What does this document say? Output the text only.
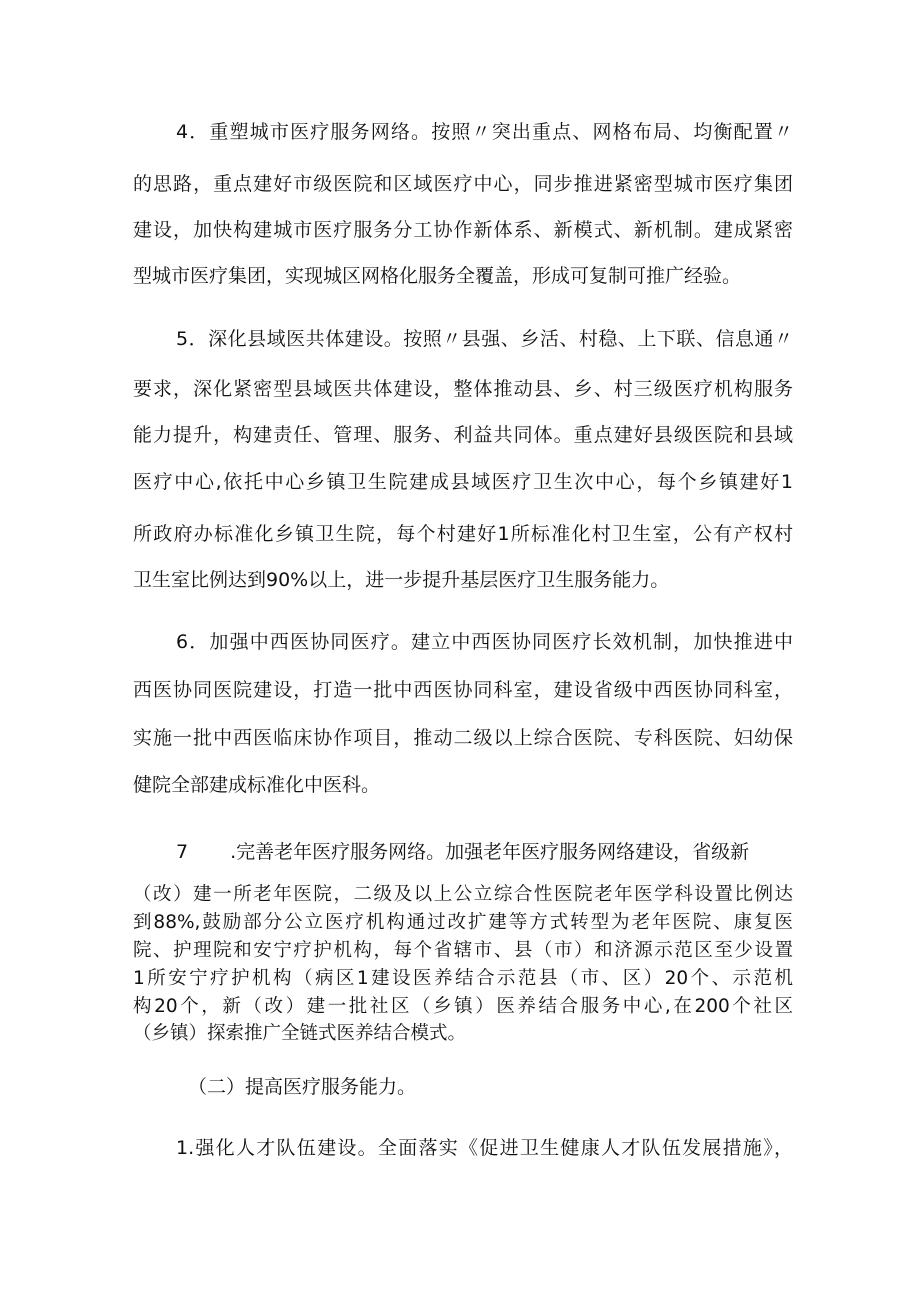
4．重塑城市医疗服务网络。按照〃突出重点、网格布局、均衡配置〃
的思路，重点建好市级医院和区域医疗中心，同步推进紧密型城市医疗集团
建设，加快构建城市医疗服务分工协作新体系、新模式、新机制。建成紧密
型城市医疗集团，实现城区网格化服务全覆盖，形成可复制可推广经验。
5．深化县域医共体建设。按照〃县强、乡活、村稳、上下联、信息通〃
要求，深化紧密型县域医共体建设，整体推动县、乡、村三级医疗机构服务
能力提升，构建责任、管理、服务、利益共同体。重点建好县级医院和县域
医疗中心,依托中心乡镇卫生院建成县域医疗卫生次中心，每个乡镇建好1
所政府办标准化乡镇卫生院，每个村建好1所标准化村卫生室，公有产权村
卫生室比例达到90%以上，进一步提升基层医疗卫生服务能力。
6．加强中西医协同医疗。建立中西医协同医疗长效机制，加快推进中
西医协同医院建设，打造一批中西医协同科室，建设省级中西医协同科室，
实施一批中西医临床协作项目，推动二级以上综合医院、专科医院、妇幼保
健院全部建成标准化中医科。
7 .完善老年医疗服务网络。加强老年医疗服务网络建设，省级新
（改）建一所老年医院，二级及以上公立综合性医院老年医学科设置比例达
到88%,鼓励部分公立医疗机构通过改扩建等方式转型为老年医院、康复医
院、护理院和安宁疗护机构，每个省辖市、县（市）和济源示范区至少设置
1所安宁疗护机构（病区1建设医养结合示范县（市、区）20个、示范机
构20个，新（改）建一批社区（乡镇）医养结合服务中心,在200个社区
（乡镇）探索推广全链式医养结合模式。
（二）提高医疗服务能力。
1.强化人才队伍建设。全面落实《促进卫生健康人才队伍发展措施》，
